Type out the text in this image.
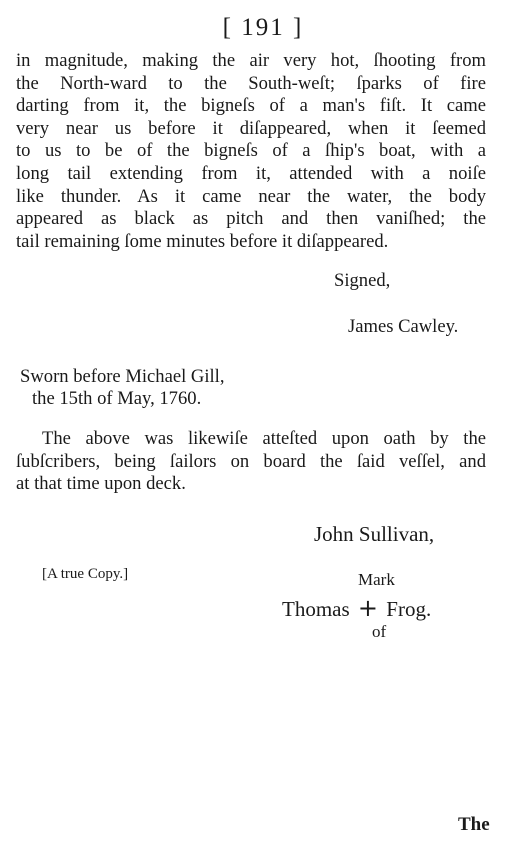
[ 191 ]
in magnitude, making the air very hot, ſhooting from
the North-ward to the South-weſt; ſparks of fire
darting from it, the bigneſs of a man's fiſt. It came
very near us before it diſappeared, when it ſeemed
to us to be of the bigneſs of a ſhip's boat, with a
long tail extending from it, attended with a noiſe
like thunder. As it came near the water, the body
appeared as black as pitch and then vaniſhed; the
tail remaining ſome minutes before it diſappeared.
Signed,
James Cawley.
Sworn before Michael Gill,
the 15th of May, 1760.
The above was likewiſe atteſted upon oath by the
ſubſcribers, being ſailors on board the ſaid veſſel, and
at that time upon deck.
John Sullivan,
[A true Copy.]	Mark
Thomas + Frog.
of
The
